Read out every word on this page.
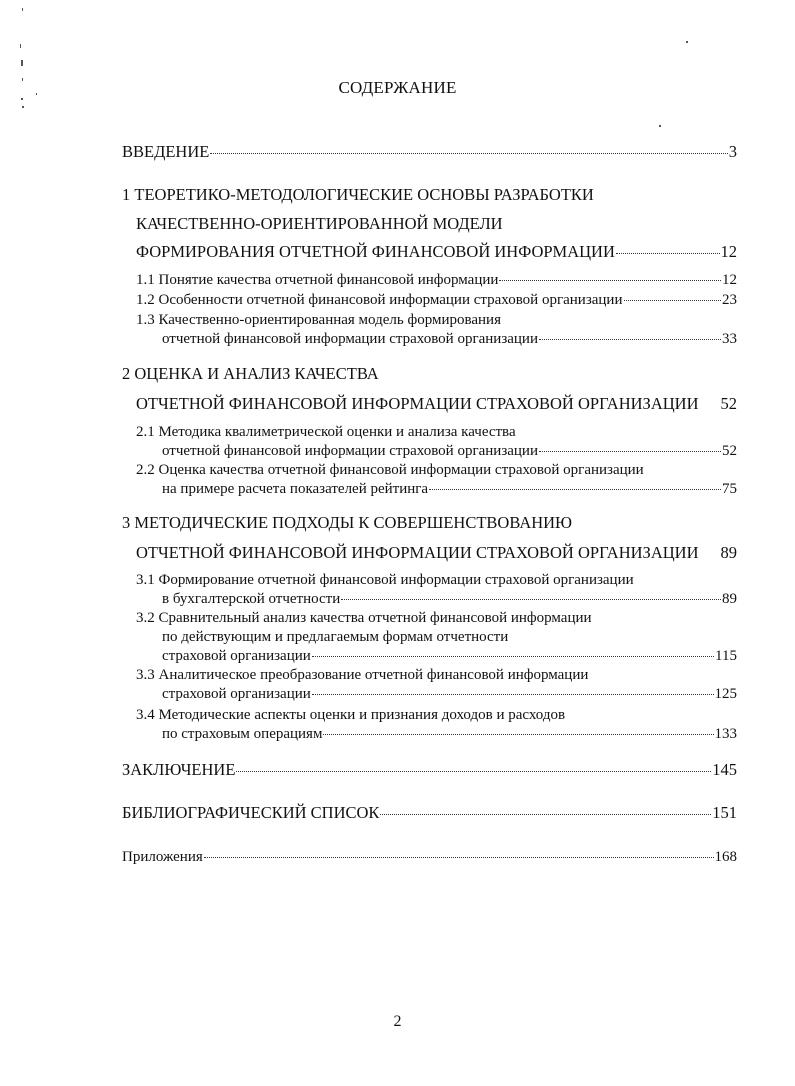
СОДЕРЖАНИЕ
ВВЕДЕНИЕ	3
1 ТЕОРЕТИКО-МЕТОДОЛОГИЧЕСКИЕ ОСНОВЫ РАЗРАБОТКИ
КАЧЕСТВЕННО-ОРИЕНТИРОВАННОЙ МОДЕЛИ
ФОРМИРОВАНИЯ ОТЧЕТНОЙ ФИНАНСОВОЙ ИНФОРМАЦИИ	12
1.1 Понятие качества отчетной финансовой информации	12
1.2 Особенности отчетной финансовой информации страховой организации	23
1.3 Качественно-ориентированная модель формирования
отчетной финансовой информации страховой организации	33
2 ОЦЕНКА И АНАЛИЗ КАЧЕСТВА
ОТЧЕТНОЙ ФИНАНСОВОЙ ИНФОРМАЦИИ СТРАХОВОЙ ОРГАНИЗАЦИИ 52
2.1 Методика квалиметрической оценки и анализа качества
отчетной финансовой информации страховой организации	52
2.2 Оценка качества отчетной финансовой информации страховой организации
на примере расчета показателей рейтинга	75
3 МЕТОДИЧЕСКИЕ ПОДХОДЫ К СОВЕРШЕНСТВОВАНИЮ
ОТЧЕТНОЙ ФИНАНСОВОЙ ИНФОРМАЦИИ СТРАХОВОЙ ОРГАНИЗАЦИИ 89
3.1 Формирование отчетной финансовой информации страховой организации
в бухгалтерской отчетности	89
3.2 Сравнительный анализ качества отчетной финансовой информации
по действующим и предлагаемым формам отчетности
страховой организации	115
3.3 Аналитическое преобразование отчетной финансовой информации
страховой организации	125
3.4 Методические аспекты оценки и признания доходов и расходов
по страховым операциям	133
ЗАКЛЮЧЕНИЕ	145
БИБЛИОГРАФИЧЕСКИЙ СПИСОК	151
Приложения	168
2
